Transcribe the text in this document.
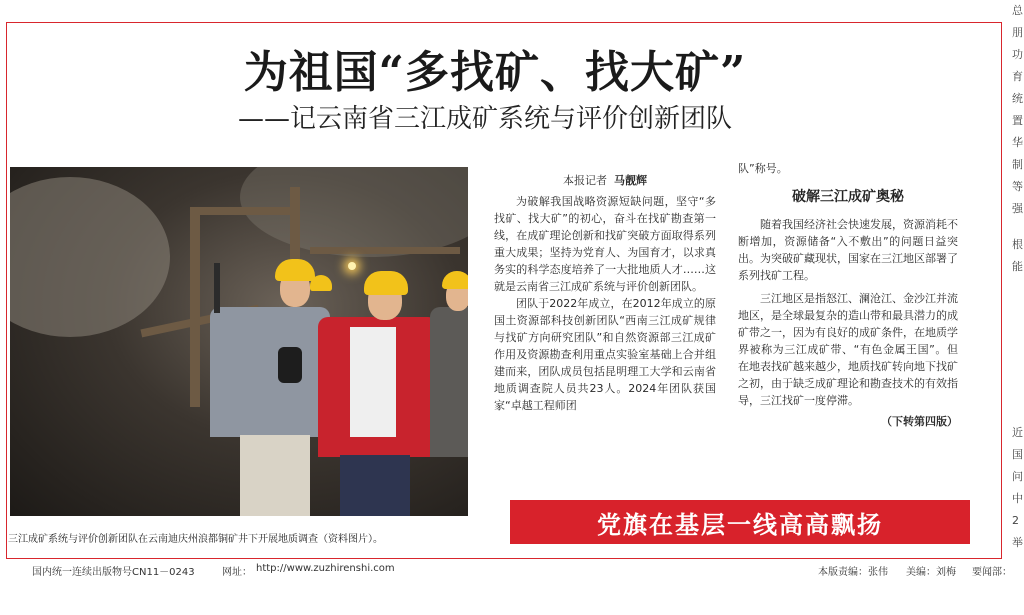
为祖国“多找矿、找大矿”
——记云南省三江成矿系统与评价创新团队
三江成矿系统与评价创新团队在云南迪庆州浪都铜矿井下开展地质调查（资料图片）。

本报记者 马靓辉

为破解我国战略资源短缺问题，坚守“多找矿、找大矿”的初心，奋斗在找矿勘查第一线，在成矿理论创新和找矿突破方面取得系列重大成果；坚持为党育人、为国育才，以求真务实的科学态度培养了一大批地质人才……这就是云南省三江成矿系统与评价创新团队。

团队于2022年成立，在2012年成立的原国土资源部科技创新团队“西南三江成矿规律与找矿方向研究团队”和自然资源部三江成矿作用及资源勘查利用重点实验室基础上合并组建而来，团队成员包括昆明理工大学和云南省地质调查院人员共23人。2024年团队获国家“卓越工程师团

队”称号。

破解三江成矿奥秘

随着我国经济社会快速发展，资源消耗不断增加，资源储备“入不敷出”的问题日益突出。为突破矿藏现状，国家在三江地区部署了系列找矿工程。

三江地区是指怒江、澜沧江、金沙江并流地区，是全球最复杂的造山带和最具潜力的成矿带之一，因为有良好的成矿条件，在地质学界被称为三江成矿带、“有色金属王国”。但在地表找矿越来越少，地质找矿转向地下找矿之初，由于缺乏成矿理论和勘查技术的有效指导，三江找矿一度停滞。

（下转第四版）
党旗在基层一线高高飘扬
国内统一连续出版物号CN11－0243	网址： http://www.zuzhirenshi.com	本版责编：张伟 美编：刘梅 要闻部：
总
朋
功
育
统
置
华
制
等
强
根
能
近
国
问
中
2
举
